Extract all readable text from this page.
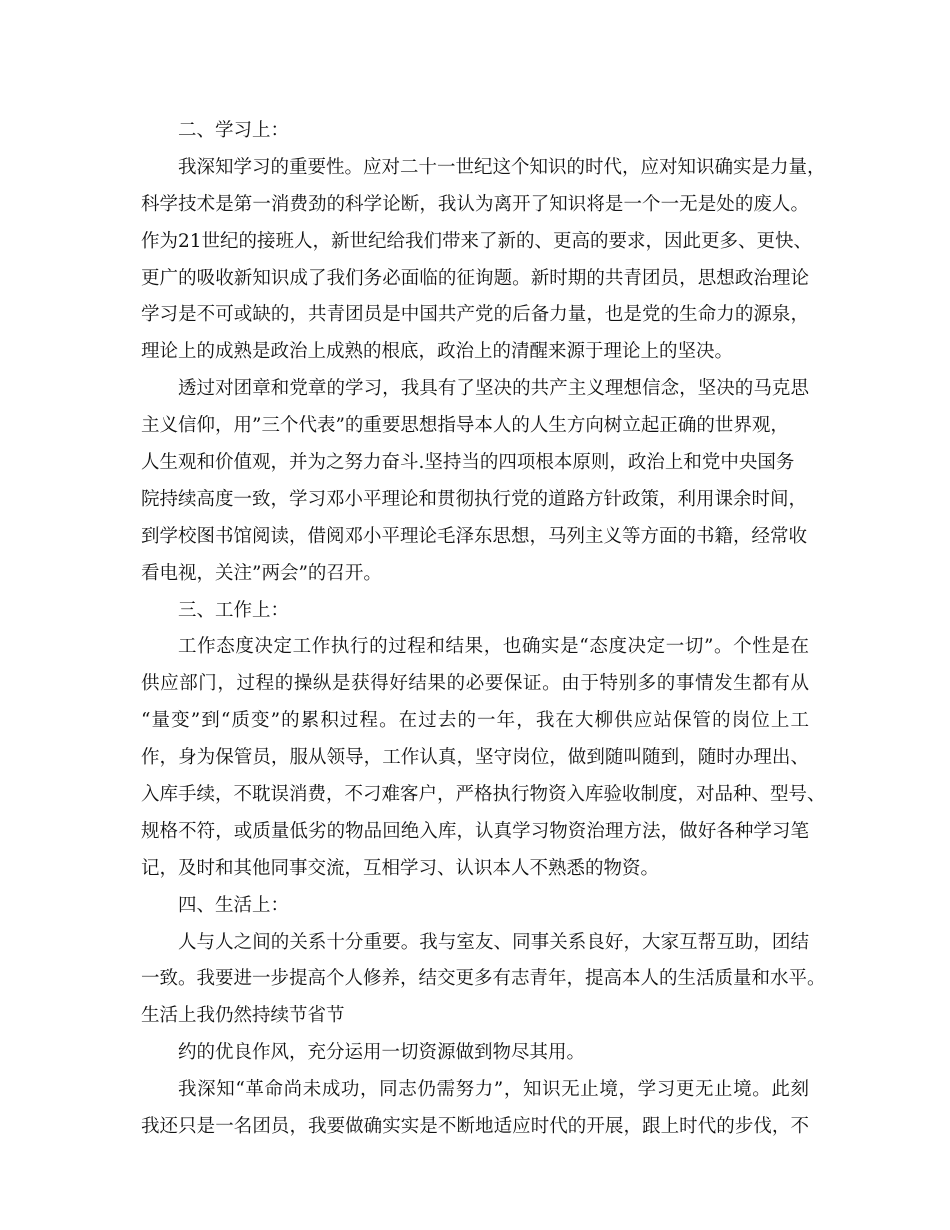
二、学习上：
我深知学习的重要性。应对二十一世纪这个知识的时代，应对知识确实是力量，
科学技术是第一消费劲的科学论断，我认为离开了知识将是一个一无是处的废人。
作为21世纪的接班人，新世纪给我们带来了新的、更高的要求，因此更多、更快、
更广的吸收新知识成了我们务必面临的征询题。新时期的共青团员，思想政治理论
学习是不可或缺的，共青团员是中国共产党的后备力量，也是党的生命力的源泉，
理论上的成熟是政治上成熟的根底，政治上的清醒来源于理论上的坚决。
透过对团章和党章的学习，我具有了坚决的共产主义理想信念，坚决的马克思
主义信仰，用”三个代表”的重要思想指导本人的人生方向树立起正确的世界观，
人生观和价值观，并为之努力奋斗.坚持当的四项根本原则，政治上和党中央国务
院持续高度一致，学习邓小平理论和贯彻执行党的道路方针政策，利用课余时间，
到学校图书馆阅读，借阅邓小平理论毛泽东思想，马列主义等方面的书籍，经常收
看电视，关注”两会”的召开。
三、工作上：
工作态度决定工作执行的过程和结果，也确实是“态度决定一切”。个性是在
供应部门，过程的操纵是获得好结果的必要保证。由于特别多的事情发生都有从
“量变”到“质变”的累积过程。在过去的一年，我在大柳供应站保管的岗位上工
作，身为保管员，服从领导，工作认真，坚守岗位，做到随叫随到，随时办理出、
入库手续，不耽误消费，不刁难客户，严格执行物资入库验收制度，对品种、型号、
规格不符，或质量低劣的物品回绝入库，认真学习物资治理方法，做好各种学习笔
记，及时和其他同事交流，互相学习、认识本人不熟悉的物资。
四、生活上：
人与人之间的关系十分重要。我与室友、同事关系良好，大家互帮互助，团结
一致。我要进一步提高个人修养，结交更多有志青年，提高本人的生活质量和水平。
生活上我仍然持续节省节
约的优良作风，充分运用一切资源做到物尽其用。
我深知“革命尚未成功，同志仍需努力”，知识无止境，学习更无止境。此刻
我还只是一名团员，我要做确实实是不断地适应时代的开展，跟上时代的步伐，不
